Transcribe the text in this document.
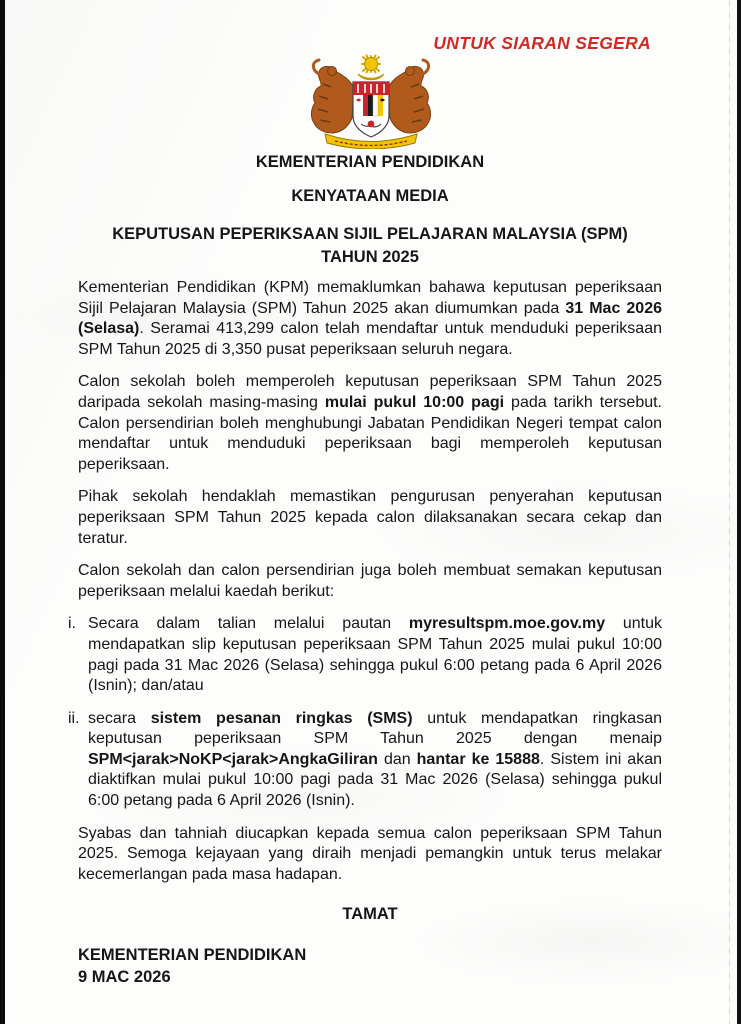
UNTUK SIARAN SEGERA
KEMENTERIAN PENDIDIKAN
KENYATAAN MEDIA
KEPUTUSAN PEPERIKSAAN SIJIL PELAJARAN MALAYSIA (SPM)
TAHUN 2025

Kementerian Pendidikan (KPM) memaklumkan bahawa keputusan peperiksaan Sijil Pelajaran Malaysia (SPM) Tahun 2025 akan diumumkan pada 31 Mac 2026 (Selasa). Seramai 413,299 calon telah mendaftar untuk menduduki peperiksaan SPM Tahun 2025 di 3,350 pusat peperiksaan seluruh negara.

Calon sekolah boleh memperoleh keputusan peperiksaan SPM Tahun 2025 daripada sekolah masing-masing mulai pukul 10:00 pagi pada tarikh tersebut. Calon persendirian boleh menghubungi Jabatan Pendidikan Negeri tempat calon mendaftar untuk menduduki peperiksaan bagi memperoleh keputusan peperiksaan.

Pihak sekolah hendaklah memastikan pengurusan penyerahan keputusan peperiksaan SPM Tahun 2025 kepada calon dilaksanakan secara cekap dan teratur.

Calon sekolah dan calon persendirian juga boleh membuat semakan keputusan peperiksaan melalui kaedah berikut:

i. Secara dalam talian melalui pautan myresultspm.moe.gov.my untuk mendapatkan slip keputusan peperiksaan SPM Tahun 2025 mulai pukul 10:00 pagi pada 31 Mac 2026 (Selasa) sehingga pukul 6:00 petang pada 6 April 2026 (Isnin); dan/atau
ii. secara sistem pesanan ringkas (SMS) untuk mendapatkan ringkasan keputusan peperiksaan SPM Tahun 2025 dengan menaip SPM<jarak>NoKP<jarak>AngkaGiliran dan hantar ke 15888. Sistem ini akan diaktifkan mulai pukul 10:00 pagi pada 31 Mac 2026 (Selasa) sehingga pukul 6:00 petang pada 6 April 2026 (Isnin).

Syabas dan tahniah diucapkan kepada semua calon peperiksaan SPM Tahun 2025. Semoga kejayaan yang diraih menjadi pemangkin untuk terus melakar kecemerlangan pada masa hadapan.

TAMAT
KEMENTERIAN PENDIDIKAN
9 MAC 2026
